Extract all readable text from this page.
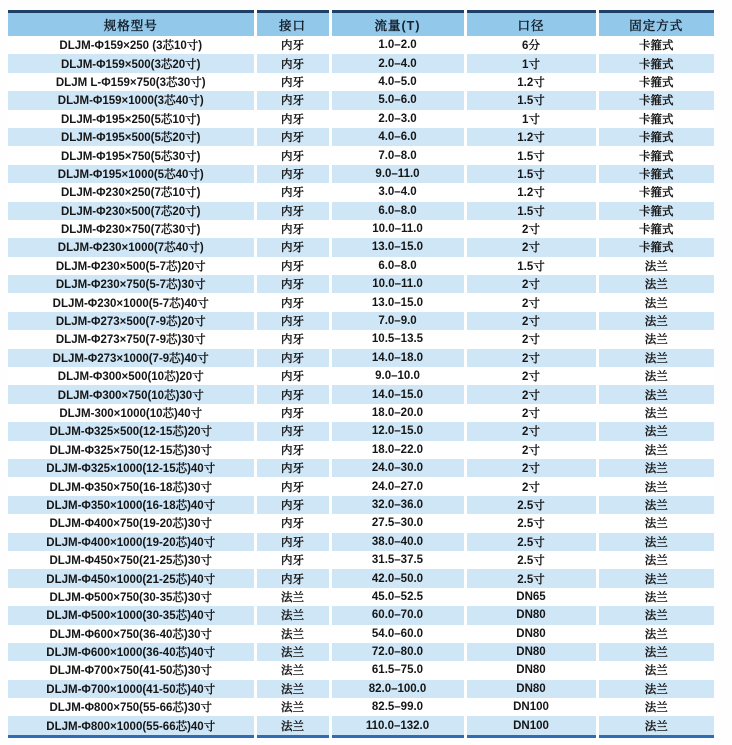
规格型号	接口	流量(T)	口径	固定方式
DLJM-Φ159×250 (3芯10寸)	内牙	1.0–2.0	6分	卡箍式
DLJM-Φ159×500(3芯20寸)	内牙	2.0–4.0	1寸	卡箍式
DLJM L-Φ159×750(3芯30寸)	内牙	4.0–5.0	1.2寸	卡箍式
DLJM-Φ159×1000(3芯40寸)	内牙	5.0–6.0	1.5寸	卡箍式
DLJM-Φ195×250(5芯10寸)	内牙	2.0–3.0	1寸	卡箍式
DLJM-Φ195×500(5芯20寸)	内牙	4.0–6.0	1.2寸	卡箍式
DLJM-Φ195×750(5芯30寸)	内牙	7.0–8.0	1.5寸	卡箍式
DLJM-Φ195×1000(5芯40寸)	内牙	9.0–11.0	1.5寸	卡箍式
DLJM-Φ230×250(7芯10寸)	内牙	3.0–4.0	1.2寸	卡箍式
DLJM-Φ230×500(7芯20寸)	内牙	6.0–8.0	1.5寸	卡箍式
DLJM-Φ230×750(7芯30寸)	内牙	10.0–11.0	2寸	卡箍式
DLJM-Φ230×1000(7芯40寸)	内牙	13.0–15.0	2寸	卡箍式
DLJM-Φ230×500(5-7芯)20寸	内牙	6.0–8.0	1.5寸	法兰
DLJM-Φ230×750(5-7芯)30寸	内牙	10.0–11.0	2寸	法兰
DLJM-Φ230×1000(5-7芯)40寸	内牙	13.0–15.0	2寸	法兰
DLJM-Φ273×500(7-9芯)20寸	内牙	7.0–9.0	2寸	法兰
DLJM-Φ273×750(7-9芯)30寸	内牙	10.5–13.5	2寸	法兰
DLJM-Φ273×1000(7-9芯)40寸	内牙	14.0–18.0	2寸	法兰
DLJM-Φ300×500(10芯)20寸	内牙	9.0–10.0	2寸	法兰
DLJM-Φ300×750(10芯)30寸	内牙	14.0–15.0	2寸	法兰
DLJM-300×1000(10芯)40寸	内牙	18.0–20.0	2寸	法兰
DLJM-Φ325×500(12-15芯)20寸	内牙	12.0–15.0	2寸	法兰
DLJM-Φ325×750(12-15芯)30寸	内牙	18.0–22.0	2寸	法兰
DLJM-Φ325×1000(12-15芯)40寸	内牙	24.0–30.0	2寸	法兰
DLJM-Φ350×750(16-18芯)30寸	内牙	24.0–27.0	2寸	法兰
DLJM-Φ350×1000(16-18芯)40寸	内牙	32.0–36.0	2.5寸	法兰
DLJM-Φ400×750(19-20芯)30寸	内牙	27.5–30.0	2.5寸	法兰
DLJM-Φ400×1000(19-20芯)40寸	内牙	38.0–40.0	2.5寸	法兰
DLJM-Φ450×750(21-25芯)30寸	内牙	31.5–37.5	2.5寸	法兰
DLJM-Φ450×1000(21-25芯)40寸	内牙	42.0–50.0	2.5寸	法兰
DLJM-Φ500×750(30-35芯)30寸	法兰	45.0–52.5	DN65	法兰
DLJM-Φ500×1000(30-35芯)40寸	法兰	60.0–70.0	DN80	法兰
DLJM-Φ600×750(36-40芯)30寸	法兰	54.0–60.0	DN80	法兰
DLJM-Φ600×1000(36-40芯)40寸	法兰	72.0–80.0	DN80	法兰
DLJM-Φ700×750(41-50芯)30寸	法兰	61.5–75.0	DN80	法兰
DLJM-Φ700×1000(41-50芯)40寸	法兰	82.0–100.0	DN80	法兰
DLJM-Φ800×750(55-66芯)30寸	法兰	82.5–99.0	DN100	法兰
DLJM-Φ800×1000(55-66芯)40寸	法兰	110.0–132.0	DN100	法兰
